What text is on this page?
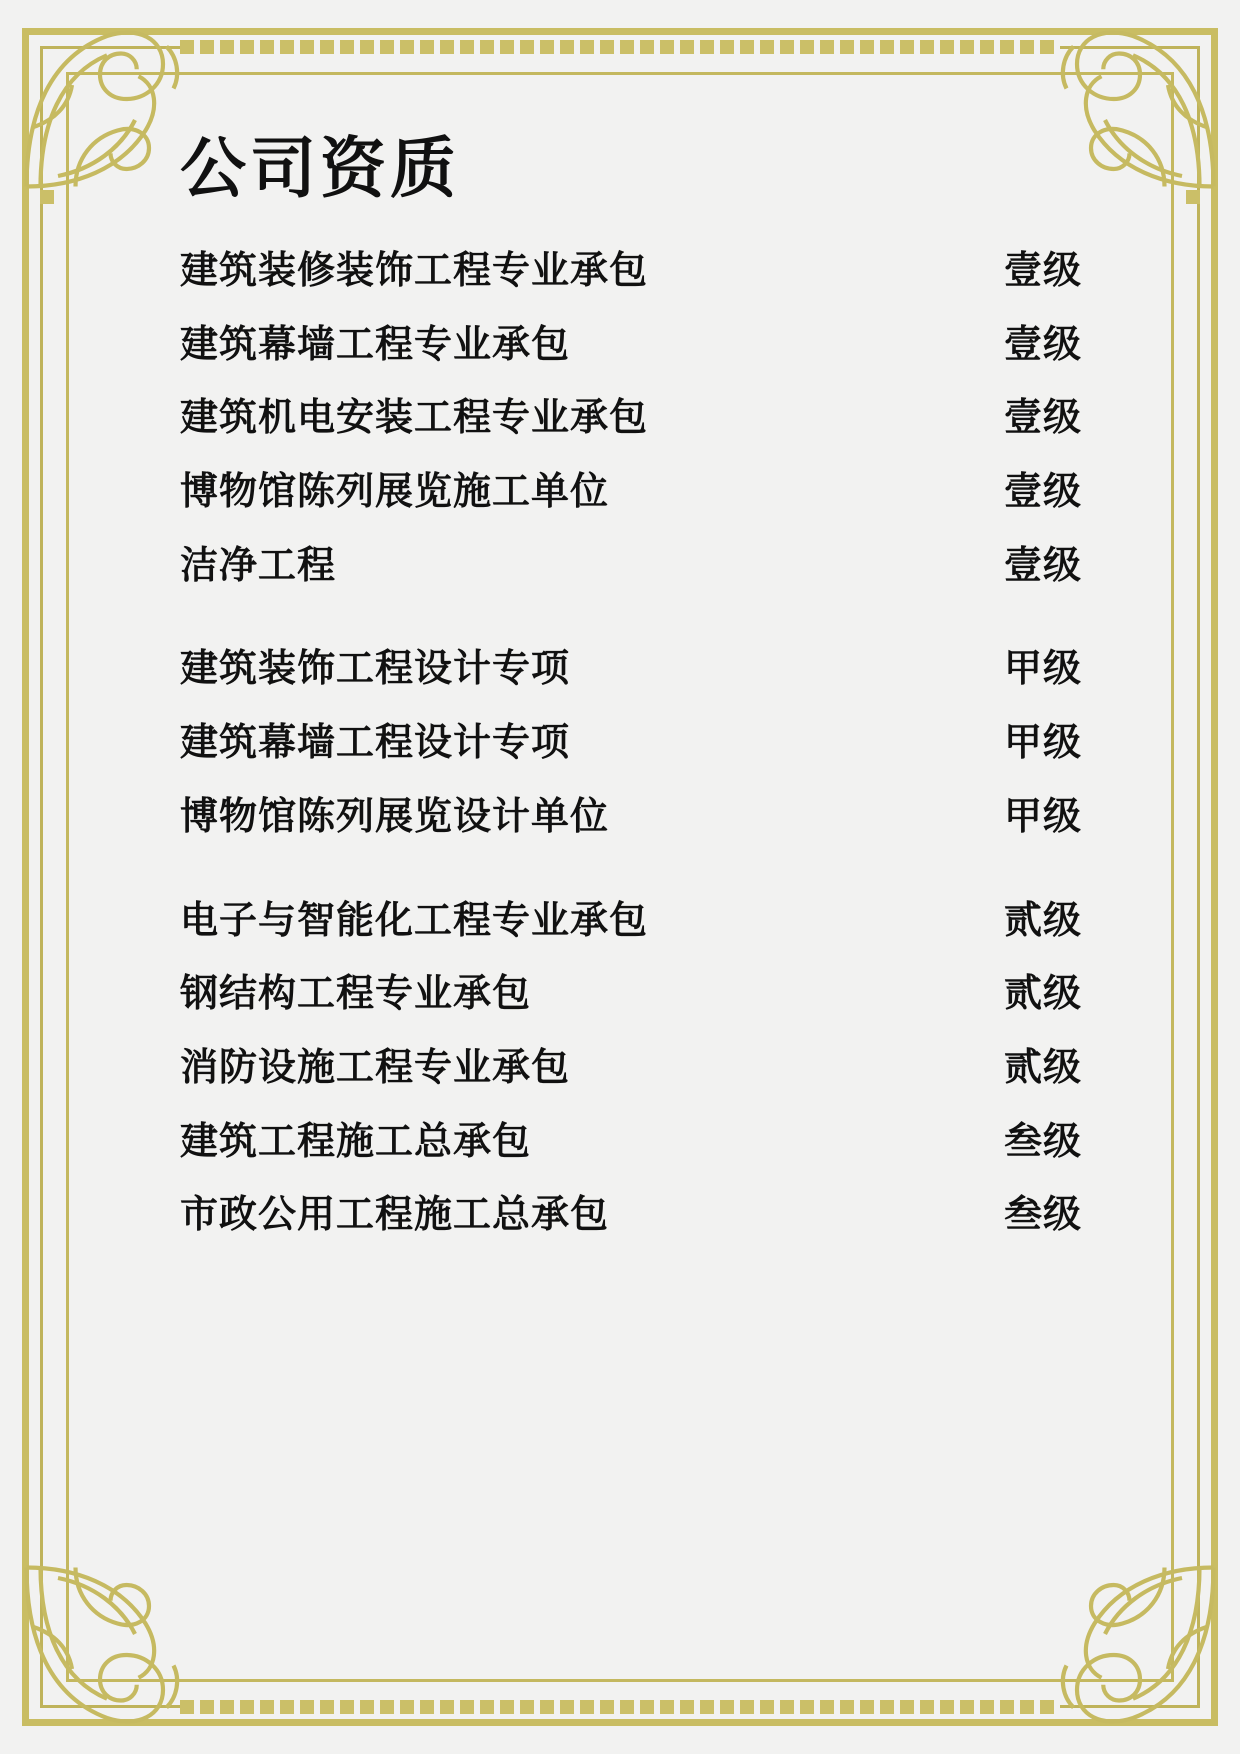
公司资质
建筑装修装饰工程专业承包	壹级
建筑幕墙工程专业承包	壹级
建筑机电安装工程专业承包	壹级
博物馆陈列展览施工单位	壹级
洁净工程	壹级
建筑装饰工程设计专项	甲级
建筑幕墙工程设计专项	甲级
博物馆陈列展览设计单位	甲级
电子与智能化工程专业承包	贰级
钢结构工程专业承包	贰级
消防设施工程专业承包	贰级
建筑工程施工总承包	叁级
市政公用工程施工总承包	叁级
